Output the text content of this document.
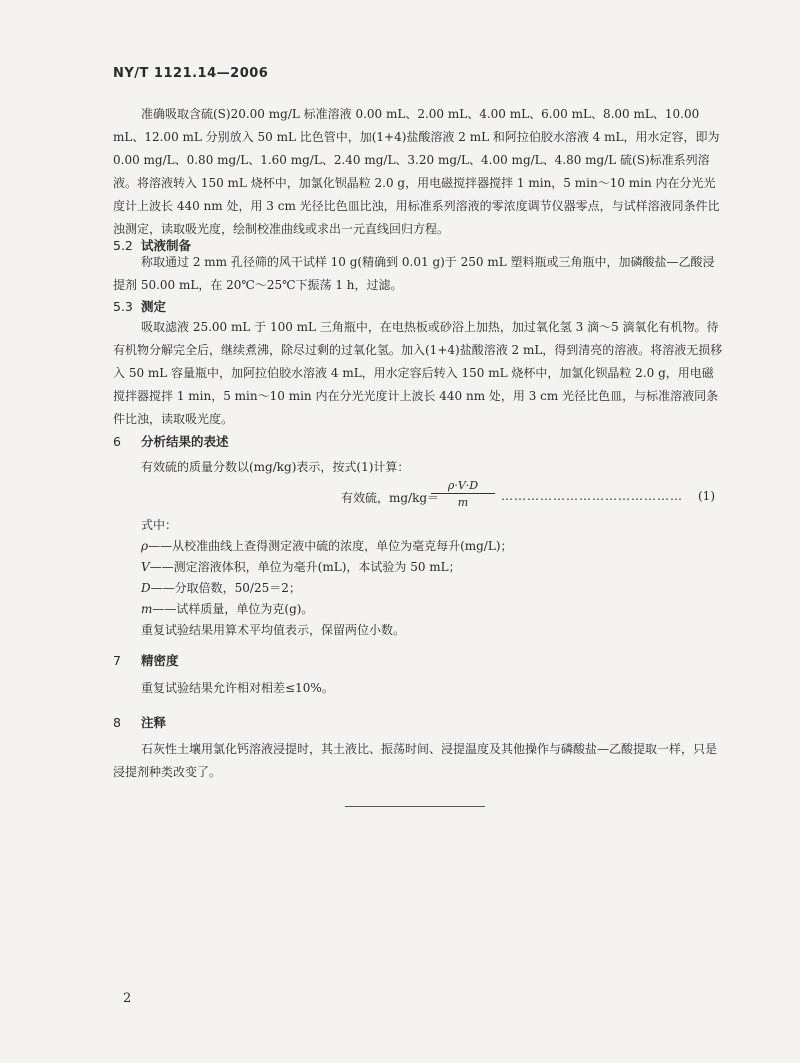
NY/T 1121.14—2006

准确吸取含硫(S)20.00 mg/L 标准溶液 0.00 mL、2.00 mL、4.00 mL、6.00 mL、8.00 mL、10.00 mL、12.00 mL 分别放入 50 mL 比色管中，加(1+4)盐酸溶液 2 mL 和阿拉伯胶水溶液 4 mL，用水定容，即为 0.00 mg/L、0.80 mg/L、1.60 mg/L、2.40 mg/L、3.20 mg/L、4.00 mg/L、4.80 mg/L 硫(S)标准系列溶液。将溶液转入 150 mL 烧杯中，加氯化钡晶粒 2.0 g，用电磁搅拌器搅拌 1 min，5 min～10 min 内在分光光度计上波长 440 nm 处，用 3 cm 光径比色皿比浊，用标准系列溶液的零浓度调节仪器零点，与试样溶液同条件比浊测定，读取吸光度，绘制校准曲线或求出一元直线回归方程。

5.2 试液制备

称取通过 2 mm 孔径筛的风干试样 10 g(精确到 0.01 g)于 250 mL 塑料瓶或三角瓶中，加磷酸盐—乙酸浸提剂 50.00 mL，在 20℃～25℃下振荡 1 h，过滤。

5.3 测定

吸取滤液 25.00 mL 于 100 mL 三角瓶中，在电热板或砂浴上加热，加过氧化氢 3 滴～5 滴氧化有机物。待有机物分解完全后，继续煮沸，除尽过剩的过氧化氢。加入(1+4)盐酸溶液 2 mL，得到清亮的溶液。将溶液无损移入 50 mL 容量瓶中，加阿拉伯胶水溶液 4 mL，用水定容后转入 150 mL 烧杯中，加氯化钡晶粒 2.0 g，用电磁搅拌器搅拌 1 min，5 min～10 min 内在分光光度计上波长 440 nm 处，用 3 cm 光径比色皿，与标准溶液同条件比浊，读取吸光度。

6 分析结果的表述

有效硫的质量分数以(mg/kg)表示，按式(1)计算：

有效硫，mg/kg＝
$\frac{\rho\cdot V\cdot D}{m}$ …………………………………… (1)
式中：
ρ——从校准曲线上查得测定液中硫的浓度，单位为毫克每升(mg/L)；
V——测定溶液体积，单位为毫升(mL)，本试验为 50 mL；
D——分取倍数，50/25＝2；
m——试样质量，单位为克(g)。
重复试验结果用算术平均值表示，保留两位小数。
7 精密度

重复试验结果允许相对相差≤10%。

8 注释

石灰性土壤用氯化钙溶液浸提时，其土液比、振荡时间、浸提温度及其他操作与磷酸盐—乙酸提取一样，只是浸提剂种类改变了。

2
